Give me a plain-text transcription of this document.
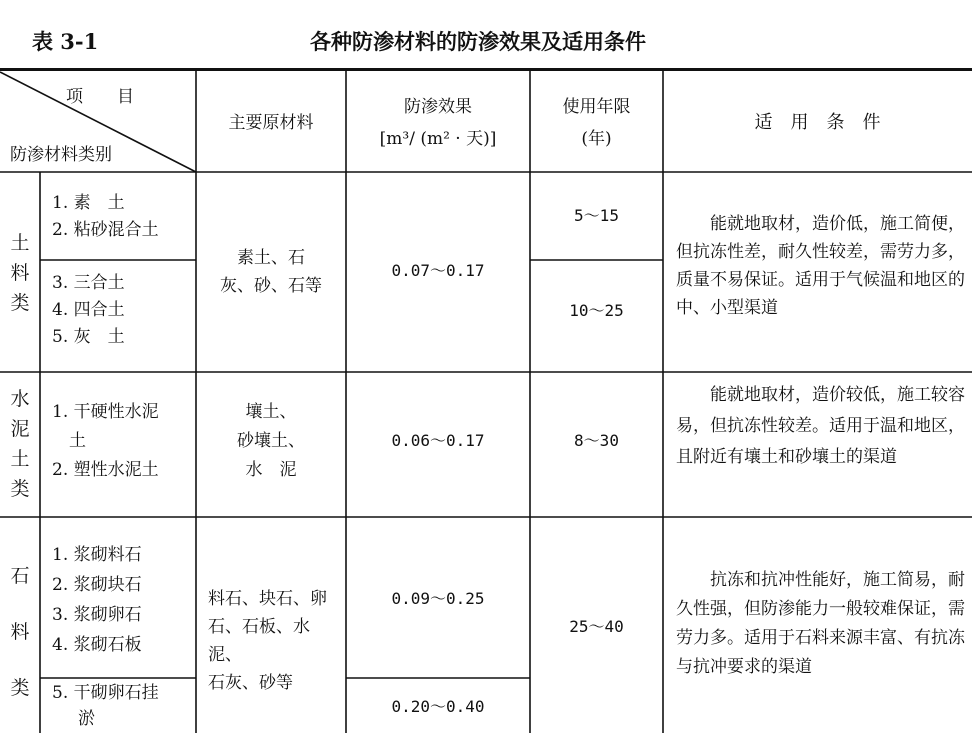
表 3-1	各种防渗材料的防渗效果及适用条件
项　　目
防渗材料类别
主要原材料
防渗效果
[m³/ (m² · 天)]
使用年限
(年)
适　用　条　件
土
料
类
1. 素　土
2. 粘砂混合土
3. 三合土
4. 四合土
5. 灰　土
素土、石
灰、砂、石等
0.07～0.17
5～15
10～25
能就地取材，造价低，施工简便，但抗冻性差，耐久性较差，需劳力多，质量不易保证。适用于气候温和地区的中、小型渠道
水
泥
土
类
1. 干硬性水泥
　土
2. 塑性水泥土
壤土、
砂壤土、
水　泥
0.06～0.17	8～30
能就地取材，造价较低，施工较容易，但抗冻性较差。适用于温和地区，且附近有壤土和砂壤土的渠道
石
料
类
1. 浆砌料石
2. 浆砌块石
3. 浆砌卵石
4. 浆砌石板
5. 干砌卵石挂
淤
料石、块石、卵
石、石板、水泥、
石灰、砂等
0.09～0.25
0.20～0.40
25～40
抗冻和抗冲性能好，施工简易，耐久性强，但防渗能力一般较难保证，需劳力多。适用于石料来源丰富、有抗冻与抗冲要求的渠道
